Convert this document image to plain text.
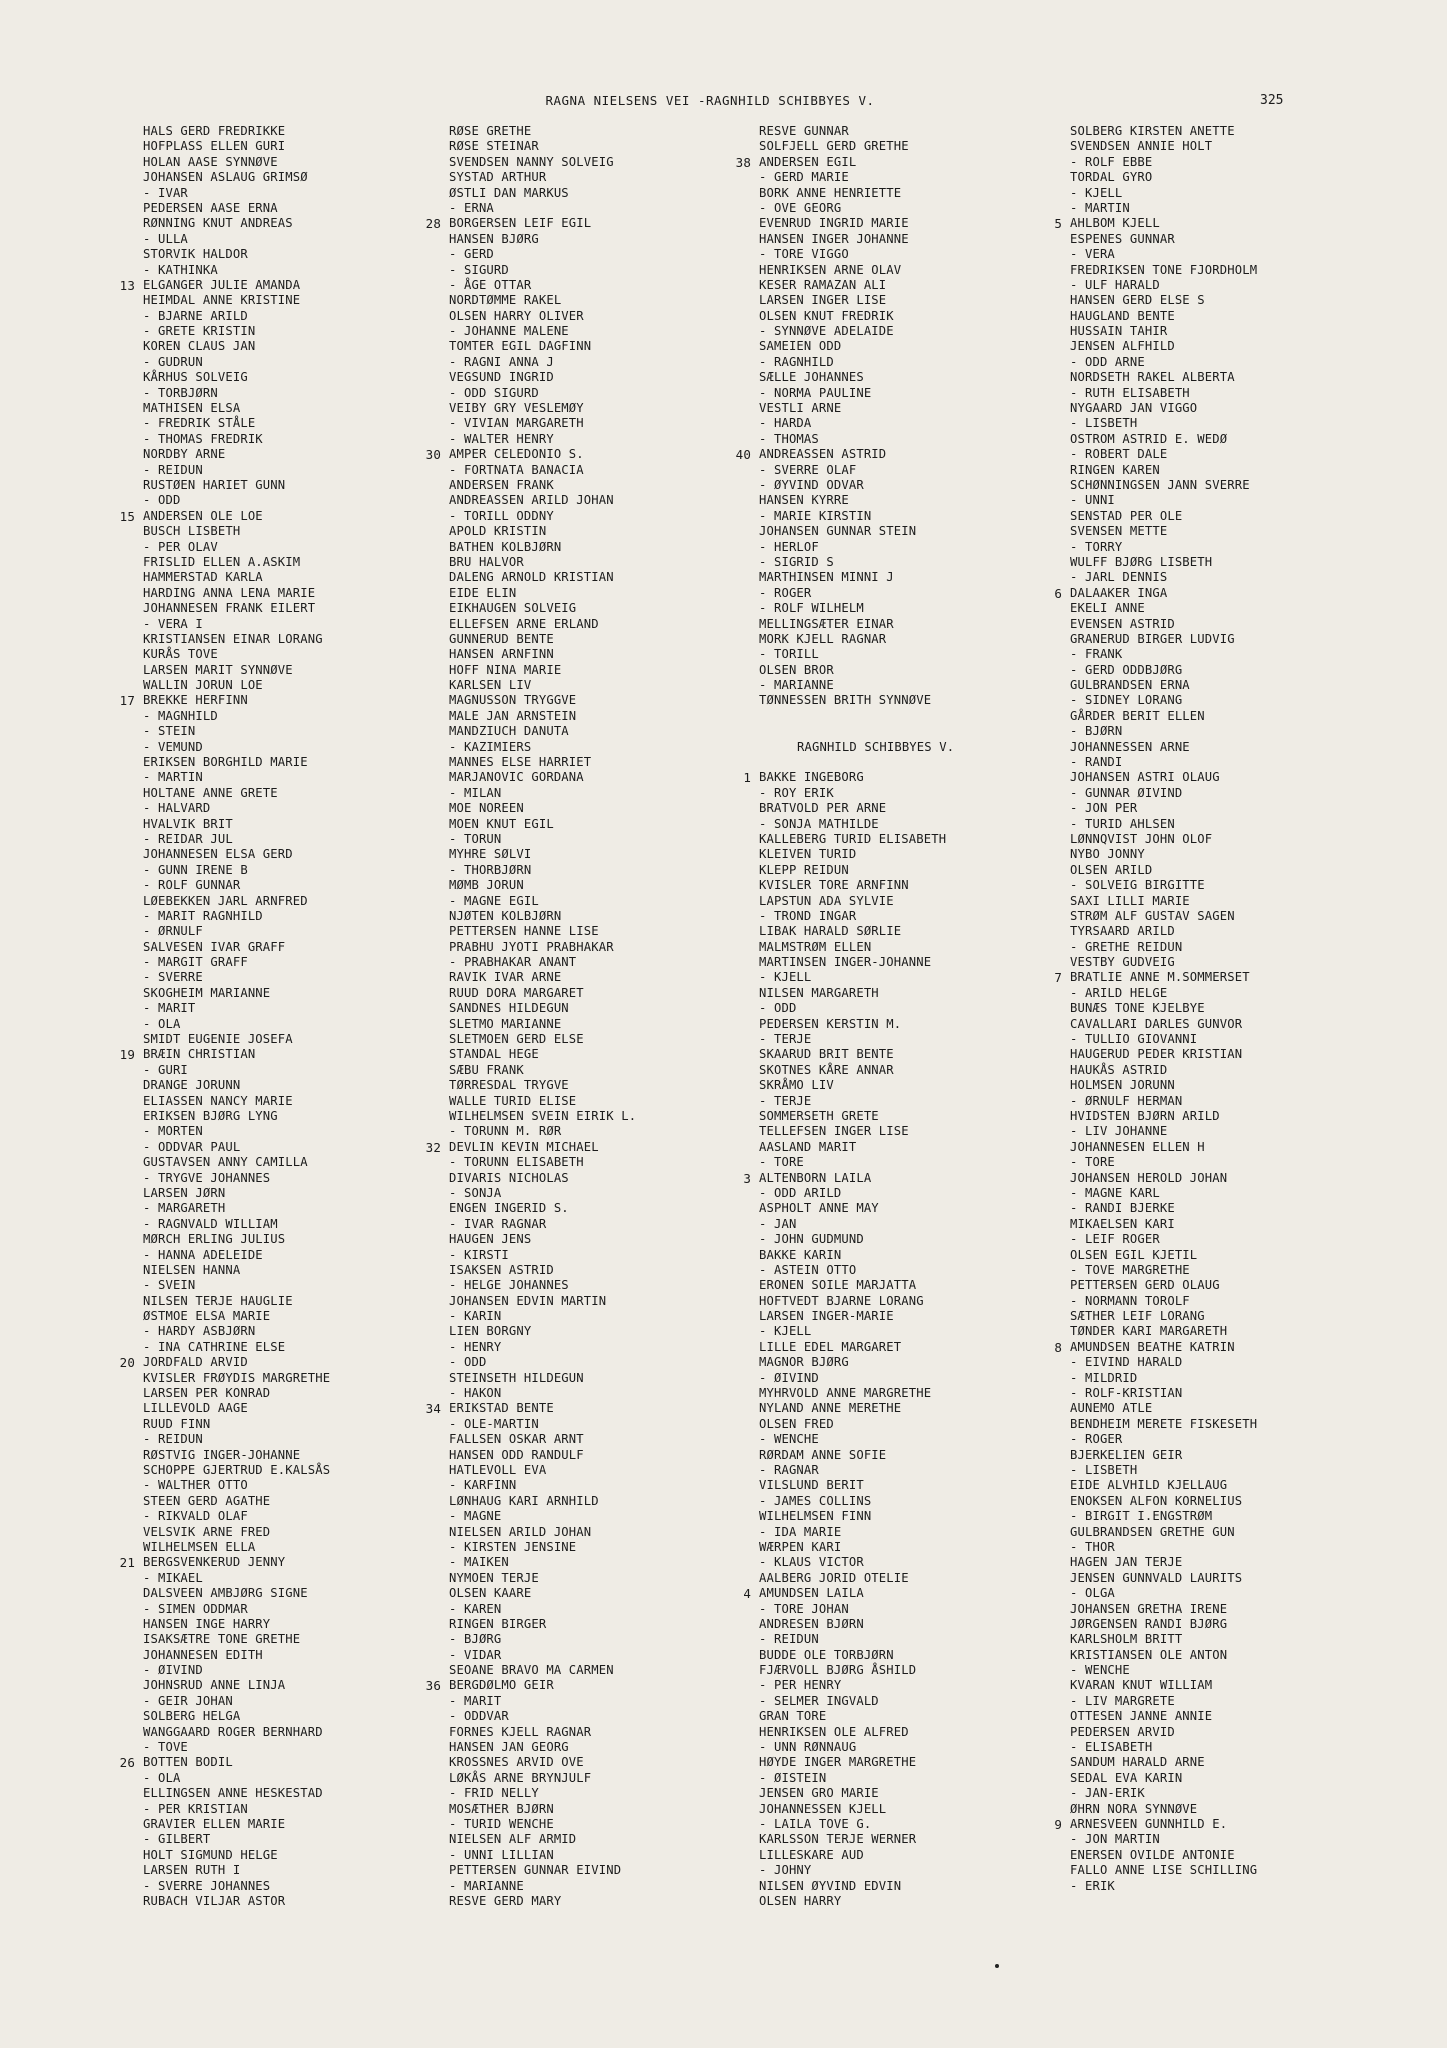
RAGNA NIELSENS VEI -RAGNHILD SCHIBBYES V.	325
HALS GERD FREDRIKKE
HOFPLASS ELLEN GURI
HOLAN AASE SYNNØVE
JOHANSEN ASLAUG GRIMSØ
- IVAR
PEDERSEN AASE ERNA
RØNNING KNUT ANDREAS
- ULLA
STORVIK HALDOR
- KATHINKA
13 ELGANGER JULIE AMANDA
HEIMDAL ANNE KRISTINE
- BJARNE ARILD
- GRETE KRISTIN
KOREN CLAUS JAN
- GUDRUN
KÅRHUS SOLVEIG
- TORBJØRN
MATHISEN ELSA
- FREDRIK STÅLE
- THOMAS FREDRIK
NORDBY ARNE
- REIDUN
RUSTØEN HARIET GUNN
- ODD
15 ANDERSEN OLE LOE
BUSCH LISBETH
- PER OLAV
FRISLID ELLEN A.ASKIM
HAMMERSTAD KARLA
HARDING ANNA LENA MARIE
JOHANNESEN FRANK EILERT
- VERA I
KRISTIANSEN EINAR LORANG
KURÅS TOVE
LARSEN MARIT SYNNØVE
WALLIN JORUN LOE
17 BREKKE HERFINN
- MAGNHILD
- STEIN
- VEMUND
ERIKSEN BORGHILD MARIE
- MARTIN
HOLTANE ANNE GRETE
- HALVARD
HVALVIK BRIT
- REIDAR JUL
JOHANNESEN ELSA GERD
- GUNN IRENE B
- ROLF GUNNAR
LØEBEKKEN JARL ARNFRED
- MARIT RAGNHILD
- ØRNULF
SALVESEN IVAR GRAFF
- MARGIT GRAFF
- SVERRE
SKOGHEIM MARIANNE
- MARIT
- OLA
SMIDT EUGENIE JOSEFA
19 BRÆIN CHRISTIAN
- GURI
DRANGE JORUNN
ELIASSEN NANCY MARIE
ERIKSEN BJØRG LYNG
- MORTEN
- ODDVAR PAUL
GUSTAVSEN ANNY CAMILLA
- TRYGVE JOHANNES
LARSEN JØRN
- MARGARETH
- RAGNVALD WILLIAM
MØRCH ERLING JULIUS
- HANNA ADELEIDE
NIELSEN HANNA
- SVEIN
NILSEN TERJE HAUGLIE
ØSTMOE ELSA MARIE
- HARDY ASBJØRN
- INA CATHRINE ELSE
20 JORDFALD ARVID
KVISLER FRØYDIS MARGRETHE
LARSEN PER KONRAD
LILLEVOLD AAGE
RUUD FINN
- REIDUN
RØSTVIG INGER-JOHANNE
SCHOPPE GJERTRUD E.KALSÅS
- WALTHER OTTO
STEEN GERD AGATHE
- RIKVALD OLAF
VELSVIK ARNE FRED
WILHELMSEN ELLA
21 BERGSVENKERUD JENNY
- MIKAEL
DALSVEEN AMBJØRG SIGNE
- SIMEN ODDMAR
HANSEN INGE HARRY
ISAKSÆTRE TONE GRETHE
JOHANNESEN EDITH
- ØIVIND
JOHNSRUD ANNE LINJA
- GEIR JOHAN
SOLBERG HELGA
WANGGAARD ROGER BERNHARD
- TOVE
26 BOTTEN BODIL
- OLA
ELLINGSEN ANNE HESKESTAD
- PER KRISTIAN
GRAVIER ELLEN MARIE
- GILBERT
HOLT SIGMUND HELGE
LARSEN RUTH I
- SVERRE JOHANNES
RUBACH VILJAR ASTOR
RØSE GRETHE
RØSE STEINAR
SVENDSEN NANNY SOLVEIG
SYSTAD ARTHUR
ØSTLI DAN MARKUS
- ERNA
28 BORGERSEN LEIF EGIL
HANSEN BJØRG
- GERD
- SIGURD
- ÅGE OTTAR
NORDTØMME RAKEL
OLSEN HARRY OLIVER
- JOHANNE MALENE
TOMTER EGIL DAGFINN
- RAGNI ANNA J
VEGSUND INGRID
- ODD SIGURD
VEIBY GRY VESLEMØY
- VIVIAN MARGARETH
- WALTER HENRY
30 AMPER CELEDONIO S.
- FORTNATA BANACIA
ANDERSEN FRANK
ANDREASSEN ARILD JOHAN
- TORILL ODDNY
APOLD KRISTIN
BATHEN KOLBJØRN
BRU HALVOR
DALENG ARNOLD KRISTIAN
EIDE ELIN
EIKHAUGEN SOLVEIG
ELLEFSEN ARNE ERLAND
GUNNERUD BENTE
HANSEN ARNFINN
HOFF NINA MARIE
KARLSEN LIV
MAGNUSSON TRYGGVE
MALE JAN ARNSTEIN
MANDZIUCH DANUTA
- KAZIMIERS
MANNES ELSE HARRIET
MARJANOVIC GORDANA
- MILAN
MOE NOREEN
MOEN KNUT EGIL
- TORUN
MYHRE SØLVI
- THORBJØRN
MØMB JORUN
- MAGNE EGIL
NJØTEN KOLBJØRN
PETTERSEN HANNE LISE
PRABHU JYOTI PRABHAKAR
- PRABHAKAR ANANT
RAVIK IVAR ARNE
RUUD DORA MARGARET
SANDNES HILDEGUN
SLETMO MARIANNE
SLETMOEN GERD ELSE
STANDAL HEGE
SÆBU FRANK
TØRRESDAL TRYGVE
WALLE TURID ELISE
WILHELMSEN SVEIN EIRIK L.
- TORUNN M. RØR
32 DEVLIN KEVIN MICHAEL
- TORUNN ELISABETH
DIVARIS NICHOLAS
- SONJA
ENGEN INGERID S.
- IVAR RAGNAR
HAUGEN JENS
- KIRSTI
ISAKSEN ASTRID
- HELGE JOHANNES
JOHANSEN EDVIN MARTIN
- KARIN
LIEN BORGNY
- HENRY
- ODD
STEINSETH HILDEGUN
- HAKON
34 ERIKSTAD BENTE
- OLE-MARTIN
FALLSEN OSKAR ARNT
HANSEN ODD RANDULF
HATLEVOLL EVA
- KARFINN
LØNHAUG KARI ARNHILD
- MAGNE
NIELSEN ARILD JOHAN
- KIRSTEN JENSINE
- MAIKEN
NYMOEN TERJE
OLSEN KAARE
- KAREN
RINGEN BIRGER
- BJØRG
- VIDAR
SEOANE BRAVO MA CARMEN
36 BERGDØLMO GEIR
- MARIT
- ODDVAR
FORNES KJELL RAGNAR
HANSEN JAN GEORG
KROSSNES ARVID OVE
LØKÅS ARNE BRYNJULF
- FRID NELLY
MOSÆTHER BJØRN
- TURID WENCHE
NIELSEN ALF ARMID
- UNNI LILLIAN
PETTERSEN GUNNAR EIVIND
- MARIANNE
RESVE GERD MARY
RESVE GUNNAR
SOLFJELL GERD GRETHE
38 ANDERSEN EGIL
- GERD MARIE
BORK ANNE HENRIETTE
- OVE GEORG
EVENRUD INGRID MARIE
HANSEN INGER JOHANNE
- TORE VIGGO
HENRIKSEN ARNE OLAV
KESER RAMAZAN ALI
LARSEN INGER LISE
OLSEN KNUT FREDRIK
- SYNNØVE ADELAIDE
SAMEIEN ODD
- RAGNHILD
SÆLLE JOHANNES
- NORMA PAULINE
VESTLI ARNE
- HARDA
- THOMAS
40 ANDREASSEN ASTRID
- SVERRE OLAF
- ØYVIND ODVAR
HANSEN KYRRE
- MARIE KIRSTIN
JOHANSEN GUNNAR STEIN
- HERLOF
- SIGRID S
MARTHINSEN MINNI J
- ROGER
- ROLF WILHELM
MELLINGSÆTER EINAR
MORK KJELL RAGNAR
- TORILL
OLSEN BROR
- MARIANNE
TØNNESSEN BRITH SYNNØVE
RAGNHILD SCHIBBYES V.
1 BAKKE INGEBORG
- ROY ERIK
BRATVOLD PER ARNE
- SONJA MATHILDE
KALLEBERG TURID ELISABETH
KLEIVEN TURID
KLEPP REIDUN
KVISLER TORE ARNFINN
LAPSTUN ADA SYLVIE
- TROND INGAR
LIBAK HARALD SØRLIE
MALMSTRØM ELLEN
MARTINSEN INGER-JOHANNE
- KJELL
NILSEN MARGARETH
- ODD
PEDERSEN KERSTIN M.
- TERJE
SKAARUD BRIT BENTE
SKOTNES KÅRE ANNAR
SKRÅMO LIV
- TERJE
SOMMERSETH GRETE
TELLEFSEN INGER LISE
AASLAND MARIT
- TORE
3 ALTENBORN LAILA
- ODD ARILD
ASPHOLT ANNE MAY
- JAN
- JOHN GUDMUND
BAKKE KARIN
- ASTEIN OTTO
ERONEN SOILE MARJATTA
HOFTVEDT BJARNE LORANG
LARSEN INGER-MARIE
- KJELL
LILLE EDEL MARGARET
MAGNOR BJØRG
- ØIVIND
MYHRVOLD ANNE MARGRETHE
NYLAND ANNE MERETHE
OLSEN FRED
- WENCHE
RØRDAM ANNE SOFIE
- RAGNAR
VILSLUND BERIT
- JAMES COLLINS
WILHELMSEN FINN
- IDA MARIE
WÆRPEN KARI
- KLAUS VICTOR
AALBERG JORID OTELIE
4 AMUNDSEN LAILA
- TORE JOHAN
ANDRESEN BJØRN
- REIDUN
BUDDE OLE TORBJØRN
FJÆRVOLL BJØRG ÅSHILD
- PER HENRY
- SELMER INGVALD
GRAN TORE
HENRIKSEN OLE ALFRED
- UNN RØNNAUG
HØYDE INGER MARGRETHE
- ØISTEIN
JENSEN GRO MARIE
JOHANNESSEN KJELL
- LAILA TOVE G.
KARLSSON TERJE WERNER
LILLESKARE AUD
- JOHNY
NILSEN ØYVIND EDVIN
OLSEN HARRY
SOLBERG KIRSTEN ANETTE
SVENDSEN ANNIE HOLT
- ROLF EBBE
TORDAL GYRO
- KJELL
- MARTIN
5 AHLBOM KJELL
ESPENES GUNNAR
- VERA
FREDRIKSEN TONE FJORDHOLM
- ULF HARALD
HANSEN GERD ELSE S
HAUGLAND BENTE
HUSSAIN TAHIR
JENSEN ALFHILD
- ODD ARNE
NORDSETH RAKEL ALBERTA
- RUTH ELISABETH
NYGAARD JAN VIGGO
- LISBETH
OSTROM ASTRID E. WEDØ
- ROBERT DALE
RINGEN KAREN
SCHØNNINGSEN JANN SVERRE
- UNNI
SENSTAD PER OLE
SVENSEN METTE
- TORRY
WULFF BJØRG LISBETH
- JARL DENNIS
6 DALAAKER INGA
EKELI ANNE
EVENSEN ASTRID
GRANERUD BIRGER LUDVIG
- FRANK
- GERD ODDBJØRG
GULBRANDSEN ERNA
- SIDNEY LORANG
GÅRDER BERIT ELLEN
- BJØRN
JOHANNESSEN ARNE
- RANDI
JOHANSEN ASTRI OLAUG
- GUNNAR ØIVIND
- JON PER
- TURID AHLSEN
LØNNQVIST JOHN OLOF
NYBO JONNY
OLSEN ARILD
- SOLVEIG BIRGITTE
SAXI LILLI MARIE
STRØM ALF GUSTAV SAGEN
TYRSAARD ARILD
- GRETHE REIDUN
VESTBY GUDVEIG
7 BRATLIE ANNE M.SOMMERSET
- ARILD HELGE
BUNÆS TONE KJELBYE
CAVALLARI DARLES GUNVOR
- TULLIO GIOVANNI
HAUGERUD PEDER KRISTIAN
HAUKÅS ASTRID
HOLMSEN JORUNN
- ØRNULF HERMAN
HVIDSTEN BJØRN ARILD
- LIV JOHANNE
JOHANNESEN ELLEN H
- TORE
JOHANSEN HEROLD JOHAN
- MAGNE KARL
- RANDI BJERKE
MIKAELSEN KARI
- LEIF ROGER
OLSEN EGIL KJETIL
- TOVE MARGRETHE
PETTERSEN GERD OLAUG
- NORMANN TOROLF
SÆTHER LEIF LORANG
TØNDER KARI MARGARETH
8 AMUNDSEN BEATHE KATRIN
- EIVIND HARALD
- MILDRID
- ROLF-KRISTIAN
AUNEMO ATLE
BENDHEIM MERETE FISKESETH
- ROGER
BJERKELIEN GEIR
- LISBETH
EIDE ALVHILD KJELLAUG
ENOKSEN ALFON KORNELIUS
- BIRGIT I.ENGSTRØM
GULBRANDSEN GRETHE GUN
- THOR
HAGEN JAN TERJE
JENSEN GUNNVALD LAURITS
- OLGA
JOHANSEN GRETHA IRENE
JØRGENSEN RANDI BJØRG
KARLSHOLM BRITT
KRISTIANSEN OLE ANTON
- WENCHE
KVARAN KNUT WILLIAM
- LIV MARGRETE
OTTESEN JANNE ANNIE
PEDERSEN ARVID
- ELISABETH
SANDUM HARALD ARNE
SEDAL EVA KARIN
- JAN-ERIK
ØHRN NORA SYNNØVE
9 ARNESVEEN GUNNHILD E.
- JON MARTIN
ENERSEN OVILDE ANTONIE
FALLO ANNE LISE SCHILLING
- ERIK
